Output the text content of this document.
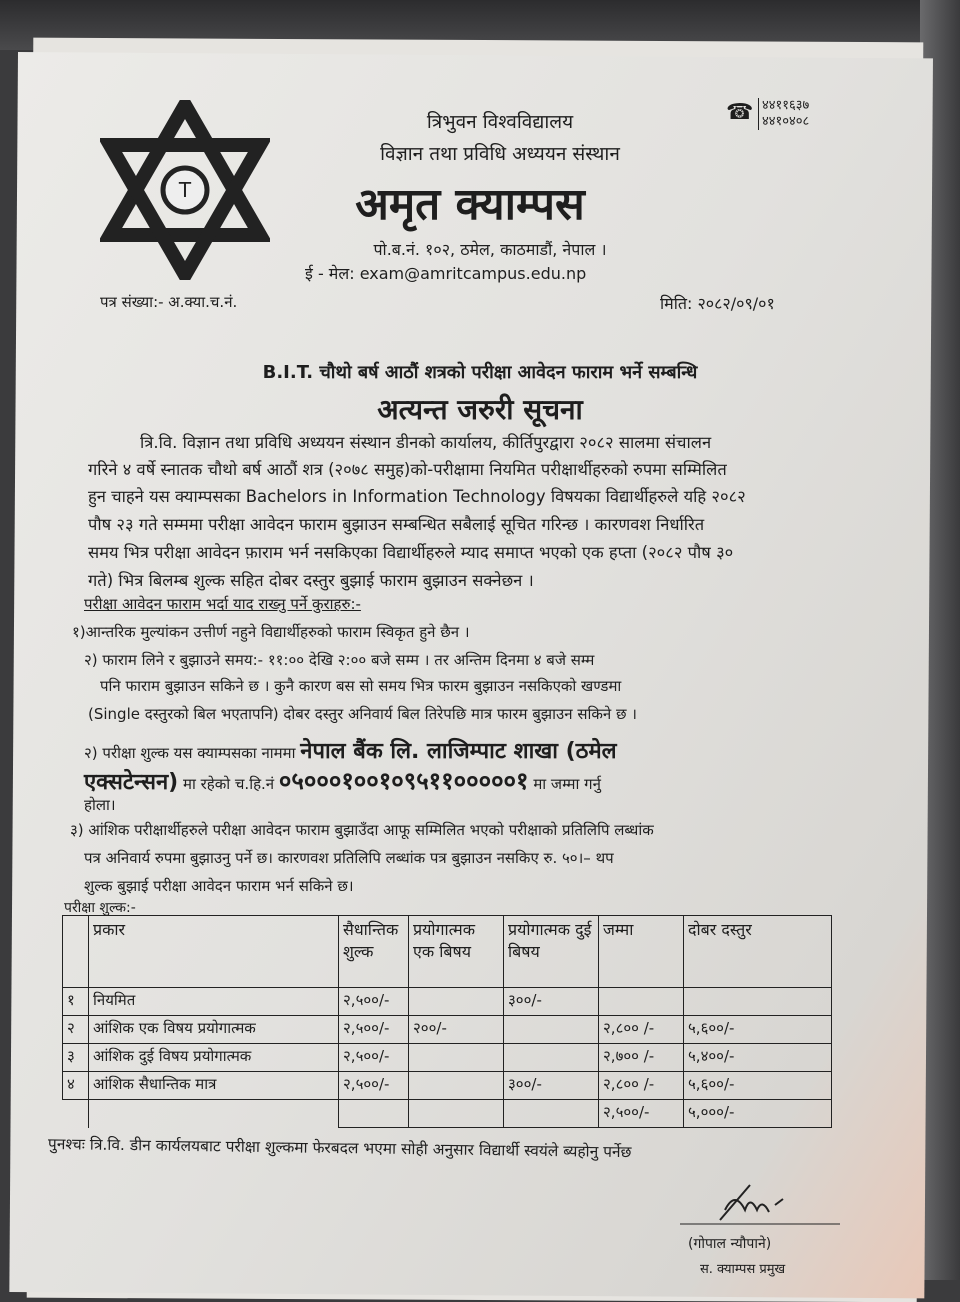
T
त्रिभुवन विश्वविद्यालय
विज्ञान तथा प्रविधि अध्ययन संस्थान
अमृत क्याम्पस
पो.ब.नं. १०२, ठमेल, काठमाडौं, नेपाल ।
ई - मेल: exam@amritcampus.edu.np
☎ ४४११६३७
४४१०४०८
पत्र संख्या:- अ.क्या.च.नं.	मिति: २०८२/०९/०१
B.I.T. चौथो बर्ष आठौं शत्रको परीक्षा आवेदन फाराम भर्ने सम्बन्धि
अत्यन्त जरुरी सूचना
त्रि.वि. विज्ञान तथा प्रविधि अध्ययन संस्थान डीनको कार्यालय, कीर्तिपुरद्वारा २०८२ सालमा संचालन
गरिने ४ वर्षे स्नातक चौथो बर्ष आठौं शत्र (२०७८ समुह)को-परीक्षामा नियमित परीक्षार्थीहरुको रुपमा सम्मिलित
हुन चाहने यस क्याम्पसका Bachelors in Information Technology विषयका विद्यार्थीहरुले यहि २०८२
पौष २३ गते सम्ममा परीक्षा आवेदन फाराम बुझाउन सम्बन्धित सबैलाई सूचित गरिन्छ । कारणवश निर्धारित
समय भित्र परीक्षा आवेदन फ़ाराम भर्न नसकिएका विद्यार्थीहरुले म्याद समाप्त भएको एक हप्ता (२०८२ पौष ३०
गते) भित्र बिलम्ब शुल्क सहित दोबर दस्तुर बुझाई फाराम बुझाउन सक्नेछन ।
परीक्षा आवेदन फाराम भर्दा याद राख्नु पर्ने कुराहरु:-
१)आन्तरिक मुल्यांकन उत्तीर्ण नहुने विद्यार्थीहरुको फाराम स्विकृत हुने छैन ।
२) फाराम लिने र बुझाउने समय:- ११:०० देखि २:०० बजे सम्म । तर अन्तिम दिनमा ४ बजे सम्म
पनि फाराम बुझाउन सकिने छ । कुनै कारण बस सो समय भित्र फारम बुझाउन नसकिएको खण्डमा
(Single दस्तुरको बिल भएतापनि) दोबर दस्तुर अनिवार्य बिल तिरेपछि मात्र फारम बुझाउन सकिने छ ।
२) परीक्षा शुल्क यस क्याम्पसका नाममा नेपाल बैंक लि. लाजिम्पाट शाखा (ठमेल
एक्सटेन्सन) मा रहेको च.हि.नं ०५०००१००१०९५११०००००१ मा जम्मा गर्नु
होला।
३) आंशिक परीक्षार्थीहरुले परीक्षा आवेदन फाराम बुझाउँदा आफू सम्मिलित भएको परीक्षाको प्रतिलिपि लब्धांक
पत्र अनिवार्य रुपमा बुझाउनु पर्ने छ। कारणवश प्रतिलिपि लब्धांक पत्र बुझाउन नसकिए रु. ५०।– थप
शुल्क बुझाई परीक्षा आवेदन फाराम भर्न सकिने छ।
परीक्षा शुल्क:-
	प्रकार	सैधान्तिक शुल्क	प्रयोगात्मक एक बिषय	प्रयोगात्मक दुई बिषय	जम्मा	दोबर दस्तुर
१	नियमित	२,५००/-		३००/-		
२	आंशिक एक विषय प्रयोगात्मक	२,५००/-	२००/-		२,८०० /-	५,६००/-
३	आंशिक दुई विषय प्रयोगात्मक	२,५००/-			२,७०० /-	५,४००/-
४	आंशिक सैधान्तिक मात्र	२,५००/-		३००/-	२,८०० /-	५,६००/-
					२,५००/-	५,०००/-
पुनश्चः त्रि.वि. डीन कार्यलयबाट परीक्षा शुल्कमा फेरबदल भएमा सोही अनुसार विद्यार्थी स्वयंले ब्यहोनु पर्नेछ
(गोपाल न्यौपाने)
स. क्याम्पस प्रमुख
